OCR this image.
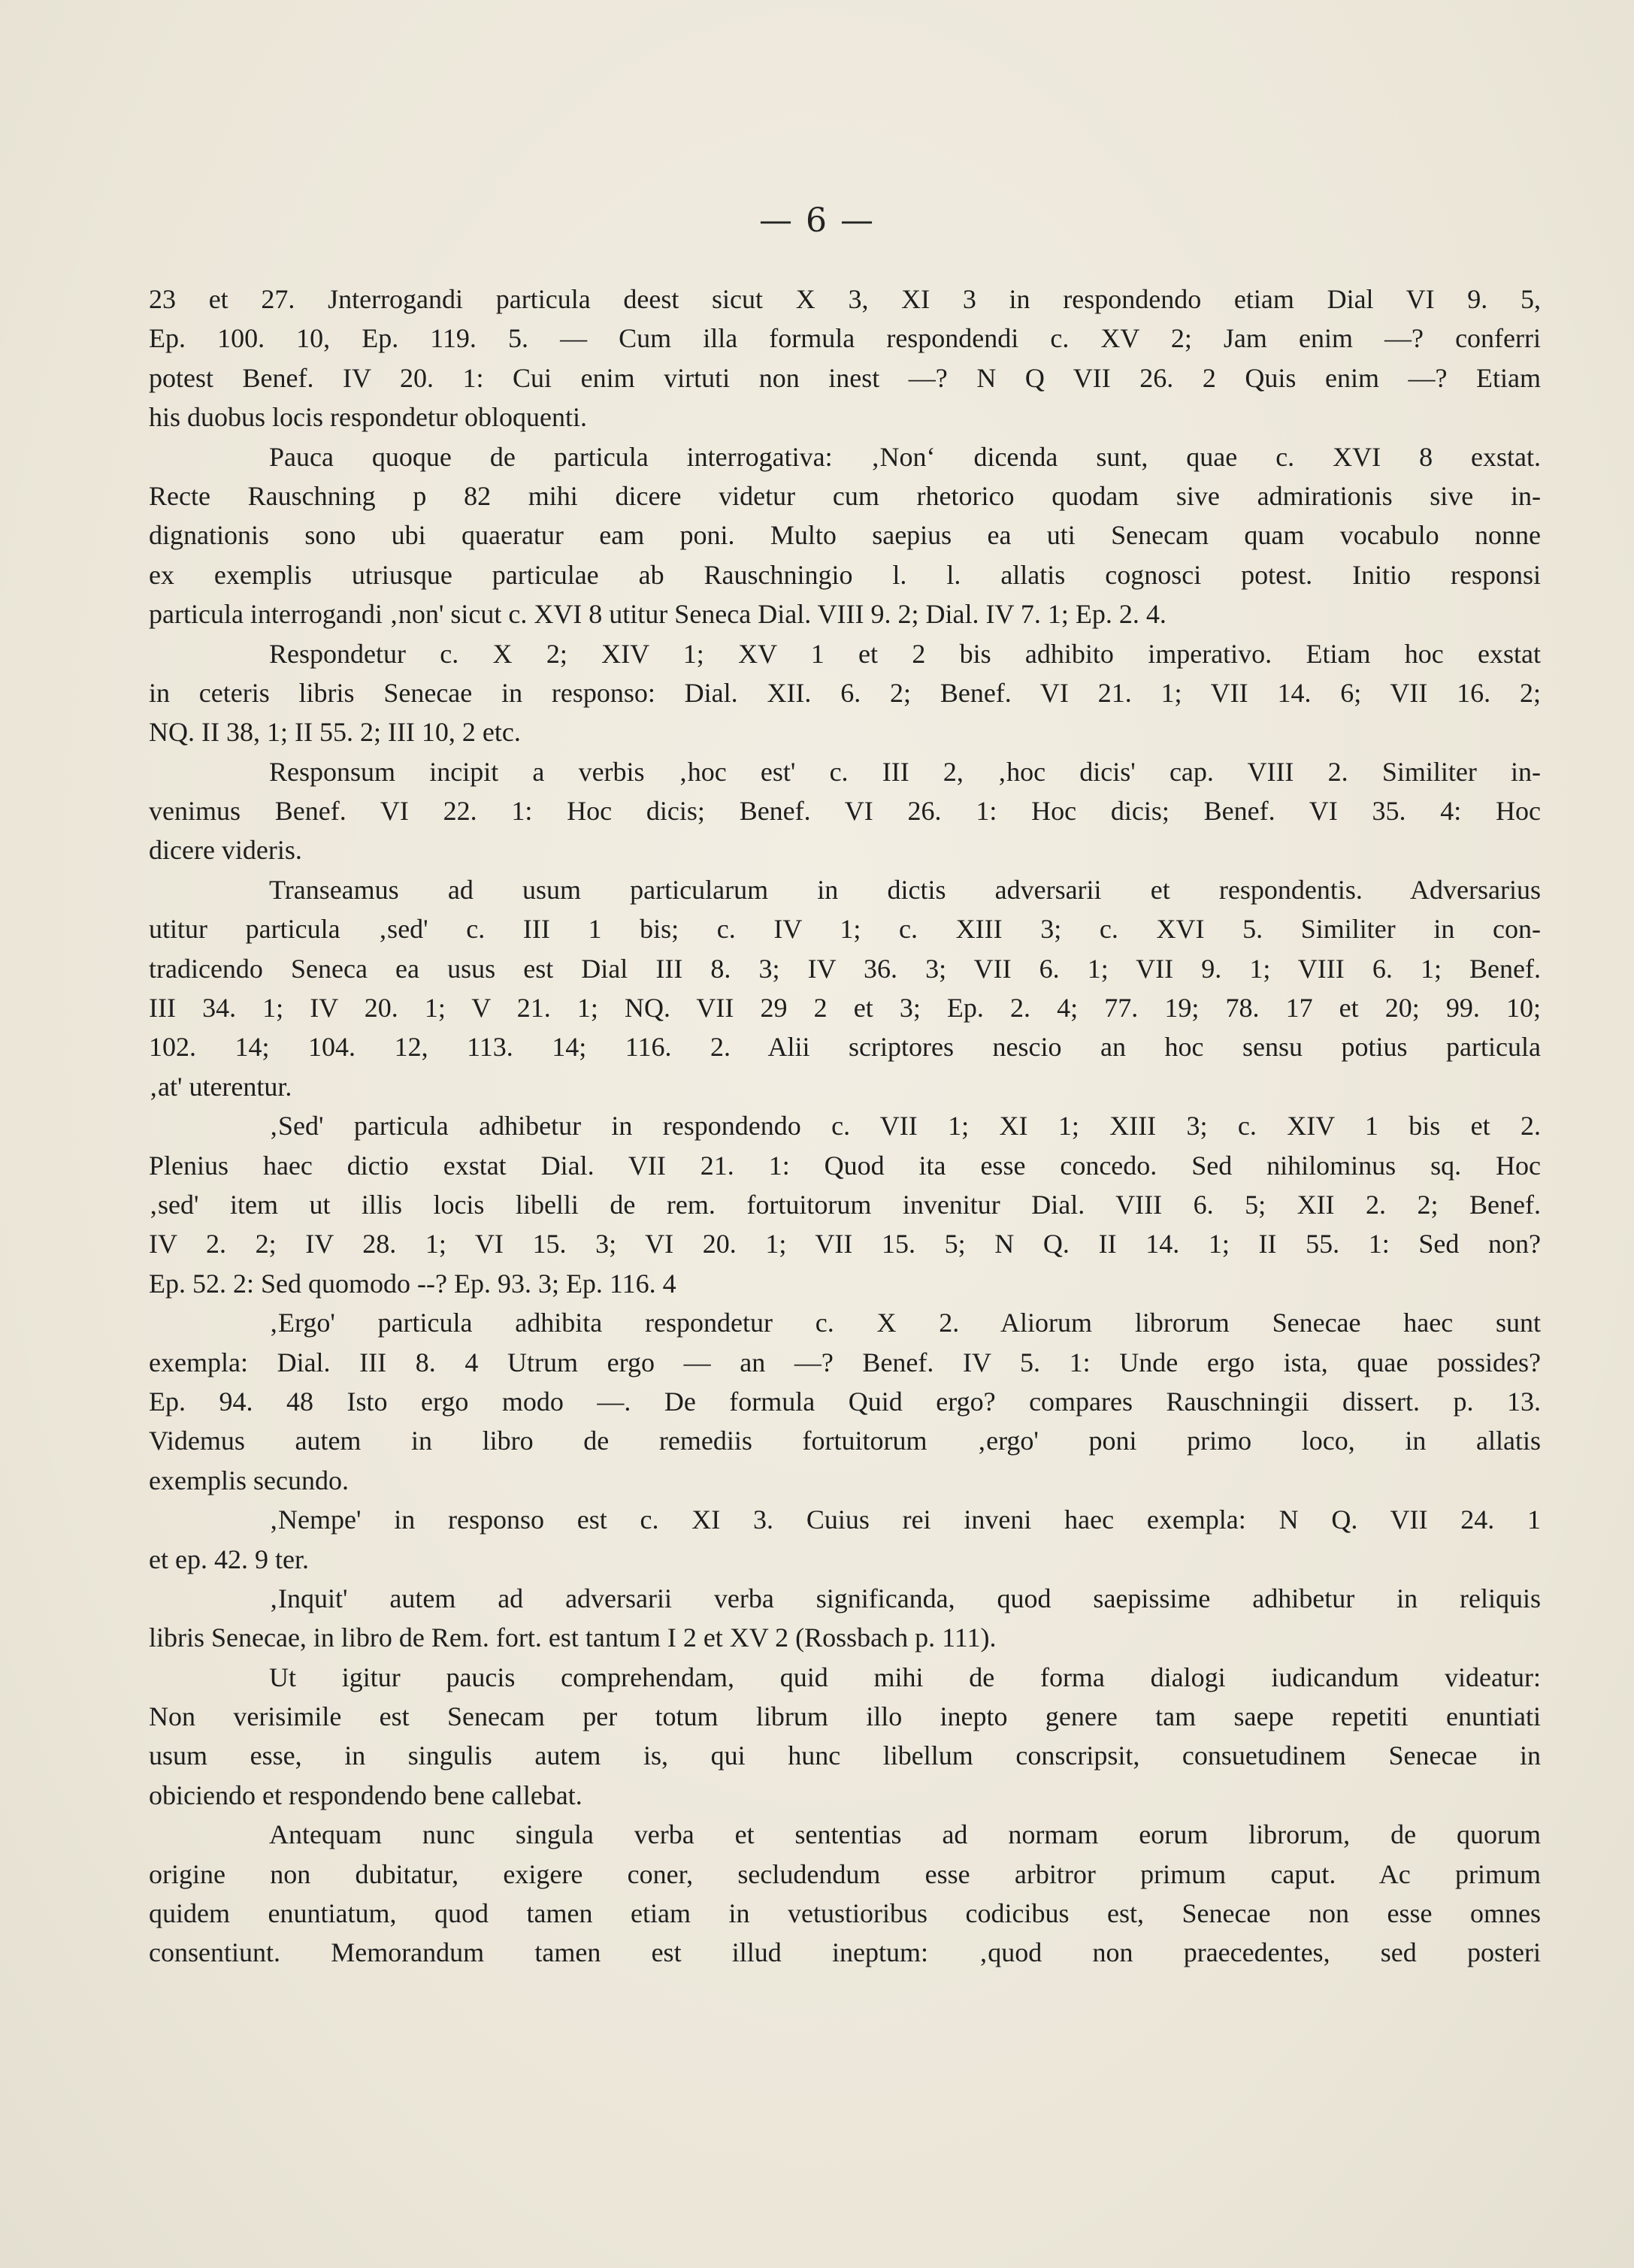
— 6 —
23 et 27. Jnterrogandi particula deest sicut X 3, XI 3 in respondendo etiam Dial VI 9. 5,
Ep. 100. 10, Ep. 119. 5. — Cum illa formula respondendi c. XV 2; Jam enim —? conferri
potest Benef. IV 20. 1: Cui enim virtuti non inest —? N Q VII 26. 2 Quis enim —? Etiam
his duobus locis respondetur obloquenti.
Pauca quoque de particula interrogativa: ‚Non‘ dicenda sunt, quae c. XVI 8 exstat.
Recte Rauschning p 82 mihi dicere videtur cum rhetorico quodam sive admirationis sive in-
dignationis sono ubi quaeratur eam poni. Multo saepius ea uti Senecam quam vocabulo nonne
ex exemplis utriusque particulae ab Rauschningio l. l. allatis cognosci potest. Initio responsi
particula interrogandi ‚non' sicut c. XVI 8 utitur Seneca Dial. VIII 9. 2; Dial. IV 7. 1; Ep. 2. 4.
Respondetur c. X 2; XIV 1; XV 1 et 2 bis adhibito imperativo. Etiam hoc exstat
in ceteris libris Senecae in responso: Dial. XII. 6. 2; Benef. VI 21. 1; VII 14. 6; VII 16. 2;
NQ. II 38, 1; II 55. 2; III 10, 2 etc.
Responsum incipit a verbis ‚hoc est' c. III 2, ‚hoc dicis' cap. VIII 2. Similiter in-
venimus Benef. VI 22. 1: Hoc dicis; Benef. VI 26. 1: Hoc dicis; Benef. VI 35. 4: Hoc
dicere videris.
Transeamus ad usum particularum in dictis adversarii et respondentis. Adversarius
utitur particula ‚sed' c. III 1 bis; c. IV 1; c. XIII 3; c. XVI 5. Similiter in con-
tradicendo Seneca ea usus est Dial III 8. 3; IV 36. 3; VII 6. 1; VII 9. 1; VIII 6. 1; Benef.
III 34. 1; IV 20. 1; V 21. 1; NQ. VII 29 2 et 3; Ep. 2. 4; 77. 19; 78. 17 et 20; 99. 10;
102. 14; 104. 12, 113. 14; 116. 2. Alii scriptores nescio an hoc sensu potius particula
‚at' uterentur.
‚Sed' particula adhibetur in respondendo c. VII 1; XI 1; XIII 3; c. XIV 1 bis et 2.
Plenius haec dictio exstat Dial. VII 21. 1: Quod ita esse concedo. Sed nihilominus sq. Hoc
‚sed' item ut illis locis libelli de rem. fortuitorum invenitur Dial. VIII 6. 5; XII 2. 2; Benef.
IV 2. 2; IV 28. 1; VI 15. 3; VI 20. 1; VII 15. 5; N Q. II 14. 1; II 55. 1: Sed non?
Ep. 52. 2: Sed quomodo --? Ep. 93. 3; Ep. 116. 4
‚Ergo' particula adhibita respondetur c. X 2. Aliorum librorum Senecae haec sunt
exempla: Dial. III 8. 4 Utrum ergo — an —? Benef. IV 5. 1: Unde ergo ista, quae possides?
Ep. 94. 48 Isto ergo modo —. De formula Quid ergo? compares Rauschningii dissert. p. 13.
Videmus autem in libro de remediis fortuitorum ‚ergo' poni primo loco, in allatis
exemplis secundo.
‚Nempe' in responso est c. XI 3. Cuius rei inveni haec exempla: N Q. VII 24. 1
et ep. 42. 9 ter.
‚Inquit' autem ad adversarii verba significanda, quod saepissime adhibetur in reliquis
libris Senecae, in libro de Rem. fort. est tantum I 2 et XV 2 (Rossbach p. 111).
Ut igitur paucis comprehendam, quid mihi de forma dialogi iudicandum videatur:
Non verisimile est Senecam per totum librum illo inepto genere tam saepe repetiti enuntiati
usum esse, in singulis autem is, qui hunc libellum conscripsit, consuetudinem Senecae in
obiciendo et respondendo bene callebat.
Antequam nunc singula verba et sententias ad normam eorum librorum, de quorum
origine non dubitatur, exigere coner, secludendum esse arbitror primum caput. Ac primum
quidem enuntiatum, quod tamen etiam in vetustioribus codicibus est, Senecae non esse omnes
consentiunt. Memorandum tamen est illud ineptum: ‚quod non praecedentes, sed posteri
